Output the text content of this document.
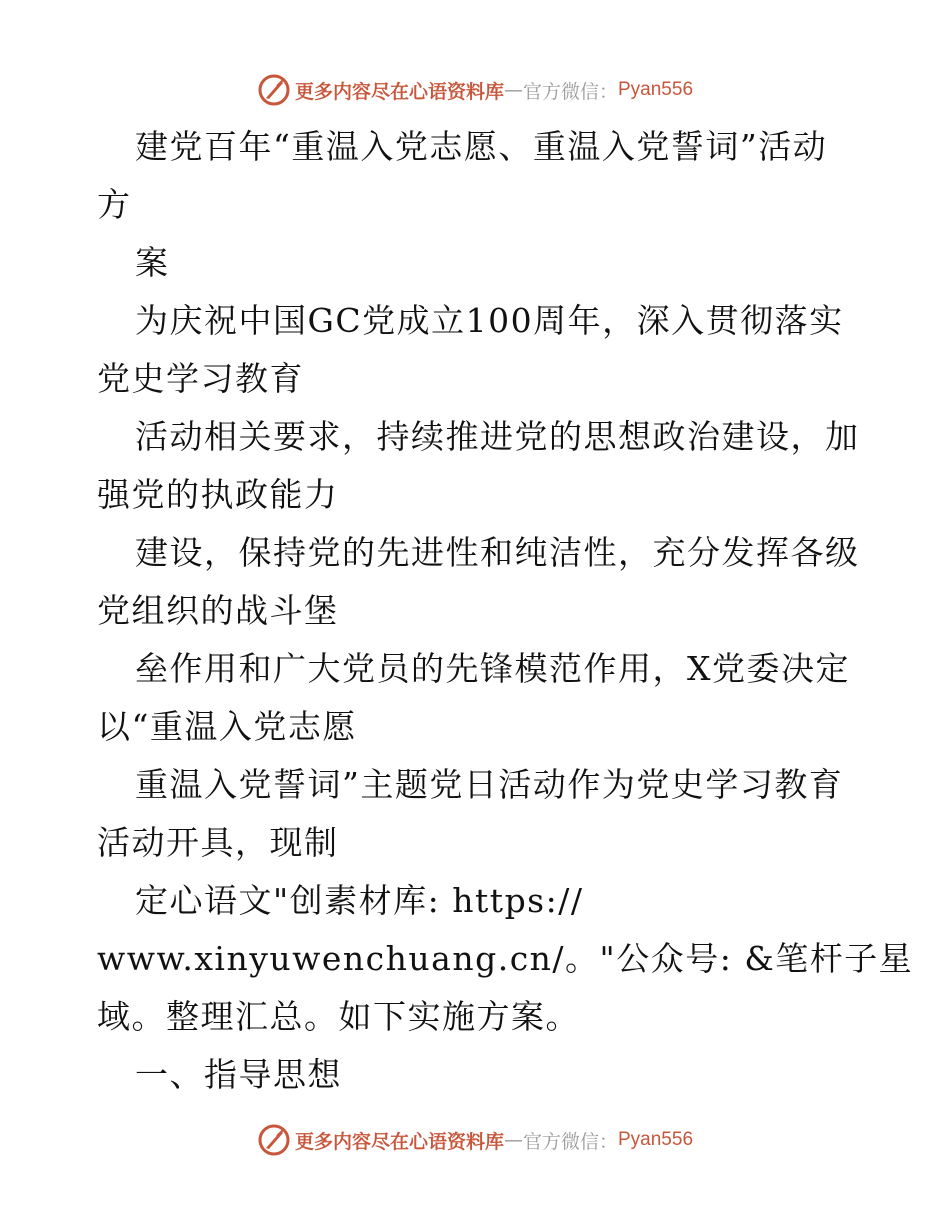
更多内容尽在心语资料库 — 官方微信： Pyan556
建党百年“重温入党志愿、重温入党誓词”活动
方
案
为庆祝中国GC党成立100周年，深入贯彻落实
党史学习教育
活动相关要求，持续推进党的思想政治建设，加
强党的执政能力
建设，保持党的先进性和纯洁性，充分发挥各级
党组织的战斗堡
垒作用和广大党员的先锋模范作用，X党委决定
以“重温入党志愿
重温入党誓词”主题党日活动作为党史学习教育
活动开具，现制
定心语文"创素材库: https://
www.xinyuwenchuang.cn/。"公众号: &笔杆子星
域。整理汇总。如下实施方案。
一、指导思想
更多内容尽在心语资料库 — 官方微信： Pyan556
